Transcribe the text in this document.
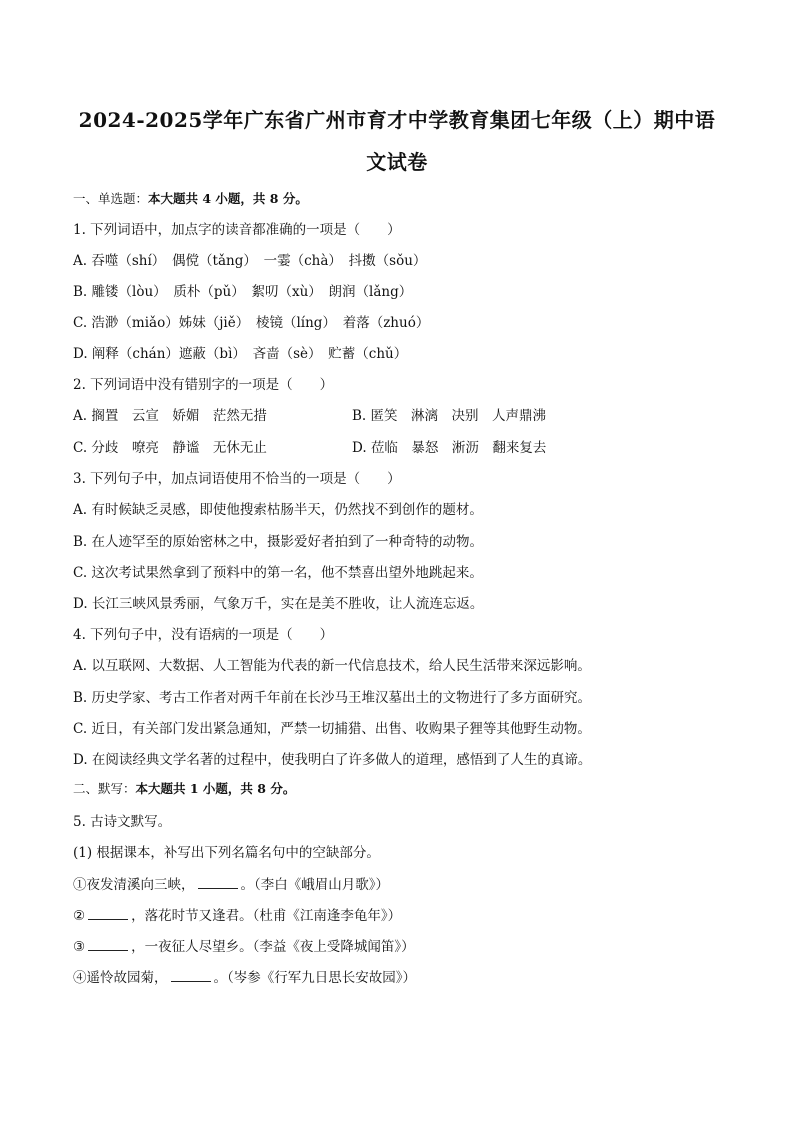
2024-2025学年广东省广州市育才中学教育集团七年级（上）期中语
文试卷
一、单选题：本大题共 4 小题，共 8 分。
1. 下列词语中，加点字的读音都准确的一项是（　　）
A. 吞噬（shí）　偶傥（tǎng）　一霎（chà）　抖擞（sǒu）
B. 雕镂（lòu）　质朴（pǔ）　絮叨（xù）　朗润（lǎng）
C. 浩渺（miǎo）姊妹（jiě）　棱镜（líng）　着落（zhuó）
D. 阐释（chán）遮蔽（bì）　吝啬（sè）　贮蓄（chǔ）
2. 下列词语中没有错别字的一项是（　　）
A. 搁置　云宣　娇媚　茫然无措	B. 匿笑　淋漓　决别　人声鼎沸
C. 分歧　嘹亮　静谧　无休无止	D. 莅临　暴怒　淅沥　翻来复去
3. 下列句子中，加点词语使用不恰当的一项是（　　）
A. 有时候缺乏灵感，即使他搜索枯肠半天，仍然找不到创作的题材。
B. 在人迹罕至的原始密林之中，摄影爱好者拍到了一种奇特的动物。
C. 这次考试果然拿到了预料中的第一名，他不禁喜出望外地跳起来。
D. 长江三峡风景秀丽，气象万千，实在是美不胜收，让人流连忘返。
4. 下列句子中，没有语病的一项是（　　）
A. 以互联网、大数据、人工智能为代表的新一代信息技术，给人民生活带来深远影响。
B. 历史学家、考古工作者对两千年前在长沙马王堆汉墓出土的文物进行了多方面研究。
C. 近日，有关部门发出紧急通知，严禁一切捕猎、出售、收购果子狸等其他野生动物。
D. 在阅读经典文学名著的过程中，使我明白了许多做人的道理，感悟到了人生的真谛。
二、默写：本大题共 1 小题，共 8 分。
5. 古诗文默写。
(1) 根据课本，补写出下列名篇名句中的空缺部分。
①夜发清溪向三峡，	。（李白《峨眉山月歌》）
②	，落花时节又逢君。（杜甫《江南逢李龟年》）
③	，一夜征人尽望乡。（李益《夜上受降城闻笛》）
④遥怜故园菊，	。（岑参《行军九日思长安故园》）
